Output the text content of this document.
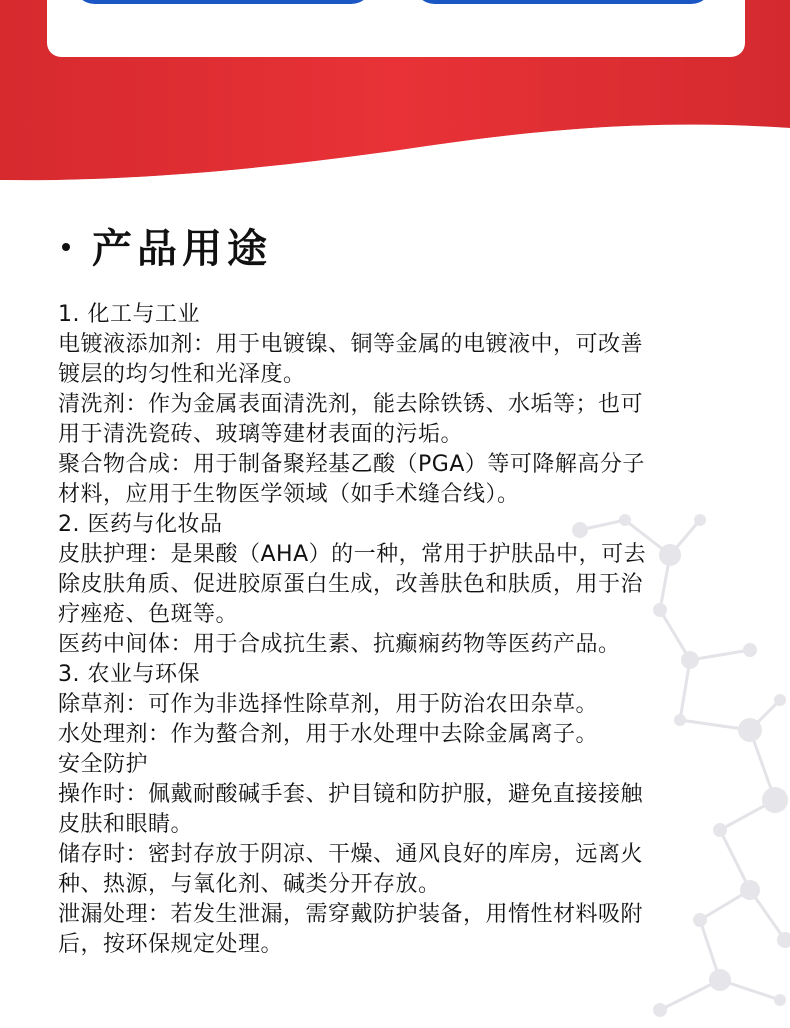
产品用途
1. 化工与工业
电镀液添加剂：用于电镀镍、铜等金属的电镀液中，可改善
镀层的均匀性和光泽度。
清洗剂：作为金属表面清洗剂，能去除铁锈、水垢等；也可
用于清洗瓷砖、玻璃等建材表面的污垢。
聚合物合成：用于制备聚羟基乙酸（PGA）等可降解高分子
材料，应用于生物医学领域（如手术缝合线）。
2. 医药与化妆品
皮肤护理：是果酸（AHA）的一种，常用于护肤品中，可去
除皮肤角质、促进胶原蛋白生成，改善肤色和肤质，用于治
疗痤疮、色斑等。
医药中间体：用于合成抗生素、抗癫痫药物等医药产品。
3. 农业与环保
除草剂：可作为非选择性除草剂，用于防治农田杂草。
水处理剂：作为螯合剂，用于水处理中去除金属离子。
安全防护
操作时：佩戴耐酸碱手套、护目镜和防护服，避免直接接触
皮肤和眼睛。
储存时：密封存放于阴凉、干燥、通风良好的库房，远离火
种、热源，与氧化剂、碱类分开存放。
泄漏处理：若发生泄漏，需穿戴防护装备，用惰性材料吸附
后，按环保规定处理。
